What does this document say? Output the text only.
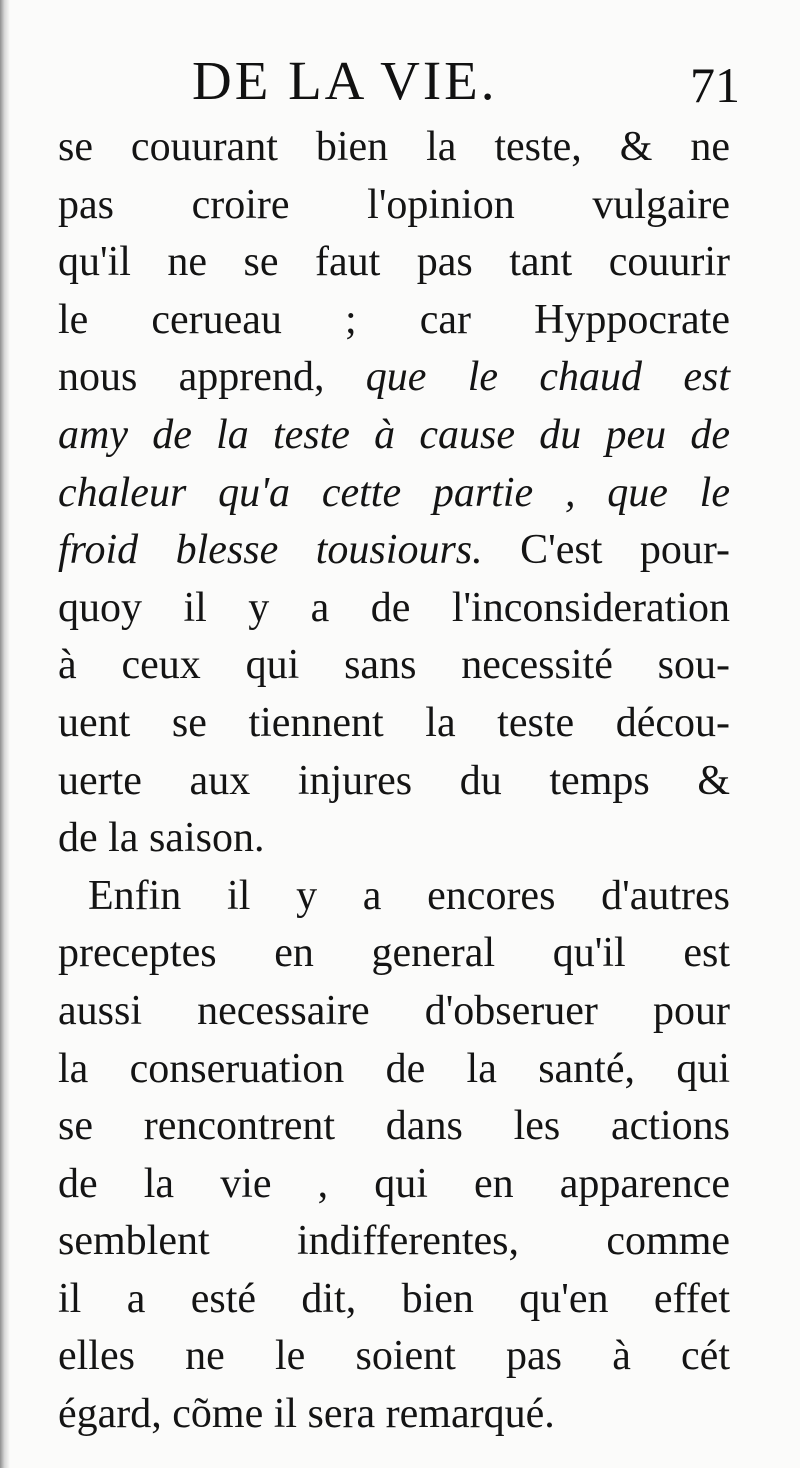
DE LA VIE.	71
se couurant bien la teste, & ne
pas croire l'opinion vulgaire
qu'il ne se faut pas tant couurir
le cerueau ; car Hyppocrate
nous apprend, que le chaud est
amy de la teste à cause du peu de
chaleur qu'a cette partie , que le
froid blesse tousiours. C'est pour-
quoy il y a de l'inconsideration
à ceux qui sans necessité sou-
uent se tiennent la teste décou-
uerte aux injures du temps &
de la saison.
Enfin il y a encores d'autres
preceptes en general qu'il est
aussi necessaire d'obseruer pour
la conseruation de la santé, qui
se rencontrent dans les actions
de la vie , qui en apparence
semblent indifferentes, comme
il a esté dit, bien qu'en effet
elles ne le soient pas à cét
égard, cõme il sera remarqué.
